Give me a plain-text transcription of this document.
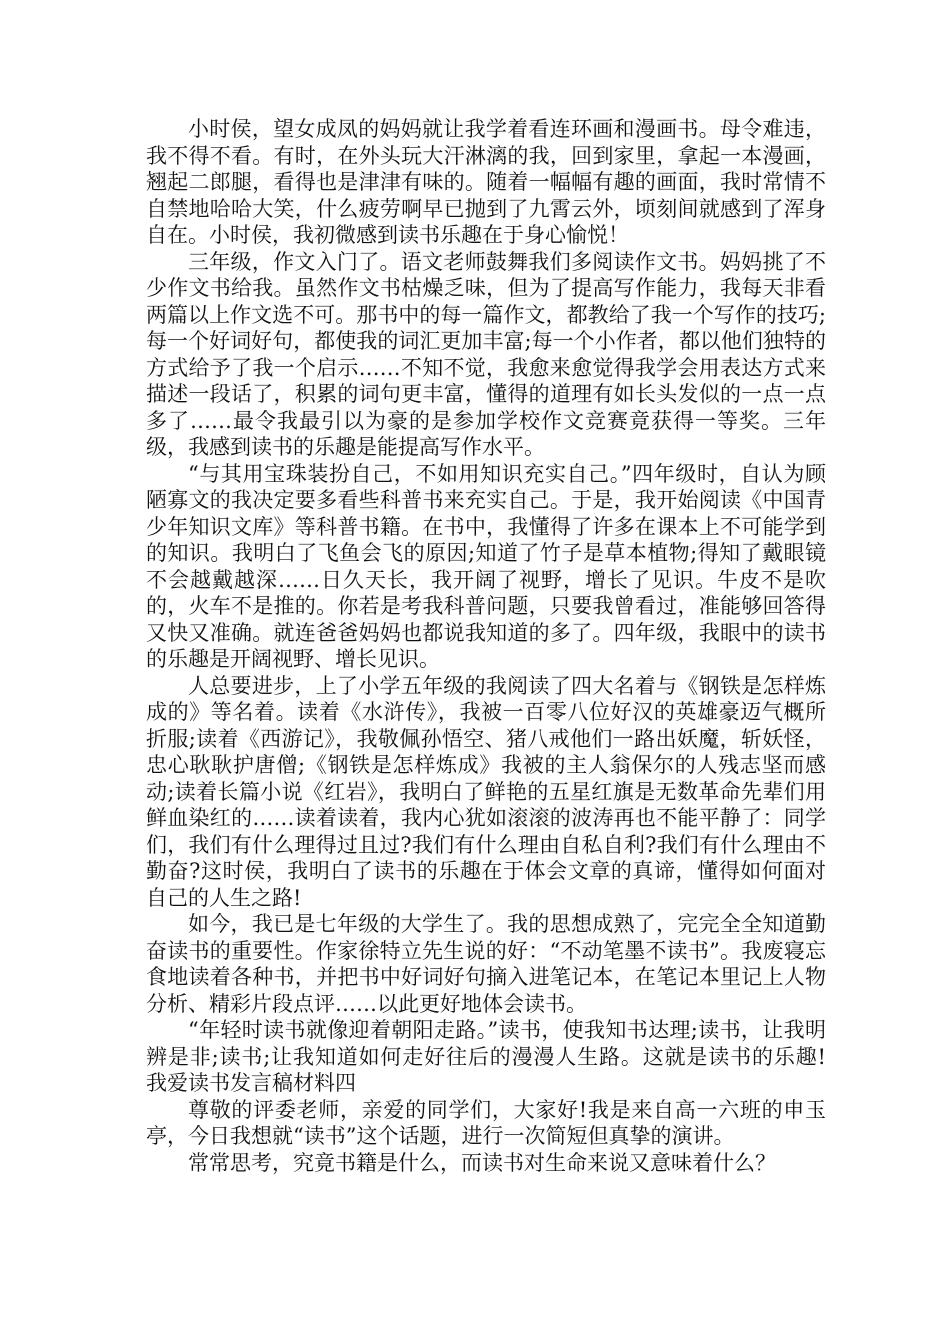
小时侯，望女成凤的妈妈就让我学着看连环画和漫画书。母令难违，我不得不看。有时，在外头玩大汗淋漓的我，回到家里，拿起一本漫画，翘起二郎腿，看得也是津津有味的。随着一幅幅有趣的画面，我时常情不自禁地哈哈大笑，什么疲劳啊早已抛到了九霄云外，顷刻间就感到了浑身自在。小时侯，我初微感到读书乐趣在于身心愉悦！

三年级，作文入门了。语文老师鼓舞我们多阅读作文书。妈妈挑了不少作文书给我。虽然作文书枯燥乏味，但为了提高写作能力，我每天非看两篇以上作文选不可。那书中的每一篇作文，都教给了我一个写作的技巧;每一个好词好句，都使我的词汇更加丰富;每一个小作者，都以他们独特的方式给予了我一个启示……不知不觉，我愈来愈觉得我学会用表达方式来描述一段话了，积累的词句更丰富，懂得的道理有如长头发似的一点一点多了……最令我最引以为豪的是参加学校作文竞赛竟获得一等奖。三年级，我感到读书的乐趣是能提高写作水平。

“与其用宝珠装扮自己，不如用知识充实自己。”四年级时，自认为顾陋寡文的我决定要多看些科普书来充实自己。于是，我开始阅读《中国青少年知识文库》等科普书籍。在书中，我懂得了许多在课本上不可能学到的知识。我明白了飞鱼会飞的原因;知道了竹子是草本植物;得知了戴眼镜不会越戴越深……日久天长，我开阔了视野，增长了见识。牛皮不是吹的，火车不是推的。你若是考我科普问题，只要我曾看过，准能够回答得又快又准确。就连爸爸妈妈也都说我知道的多了。四年级，我眼中的读书的乐趣是开阔视野、增长见识。

人总要进步，上了小学五年级的我阅读了四大名着与《钢铁是怎样炼成的》等名着。读着《水浒传》，我被一百零八位好汉的英雄豪迈气概所折服;读着《西游记》，我敬佩孙悟空、猪八戒他们一路出妖魔，斩妖怪，忠心耿耿护唐僧;《钢铁是怎样炼成》我被的主人翁保尔的人残志坚而感动;读着长篇小说《红岩》，我明白了鲜艳的五星红旗是无数革命先辈们用鲜血染红的……读着读着，我内心犹如滚滚的波涛再也不能平静了：同学们，我们有什么理得过且过?我们有什么理由自私自利?我们有什么理由不勤奋?这时侯，我明白了读书的乐趣在于体会文章的真谛，懂得如何面对自己的人生之路!

如今，我已是七年级的大学生了。我的思想成熟了，完完全全知道勤奋读书的重要性。作家徐特立先生说的好：“不动笔墨不读书”。我废寝忘食地读着各种书，并把书中好词好句摘入进笔记本，在笔记本里记上人物分析、精彩片段点评……以此更好地体会读书。

“年轻时读书就像迎着朝阳走路。”读书，使我知书达理;读书，让我明辨是非;读书;让我知道如何走好往后的漫漫人生路。这就是读书的乐趣!　　我爱读书发言稿材料四

尊敬的评委老师，亲爱的同学们，大家好!我是来自高一六班的申玉亭，今日我想就“读书”这个话题，进行一次简短但真挚的演讲。

常常思考，究竟书籍是什么，而读书对生命来说又意味着什么？
